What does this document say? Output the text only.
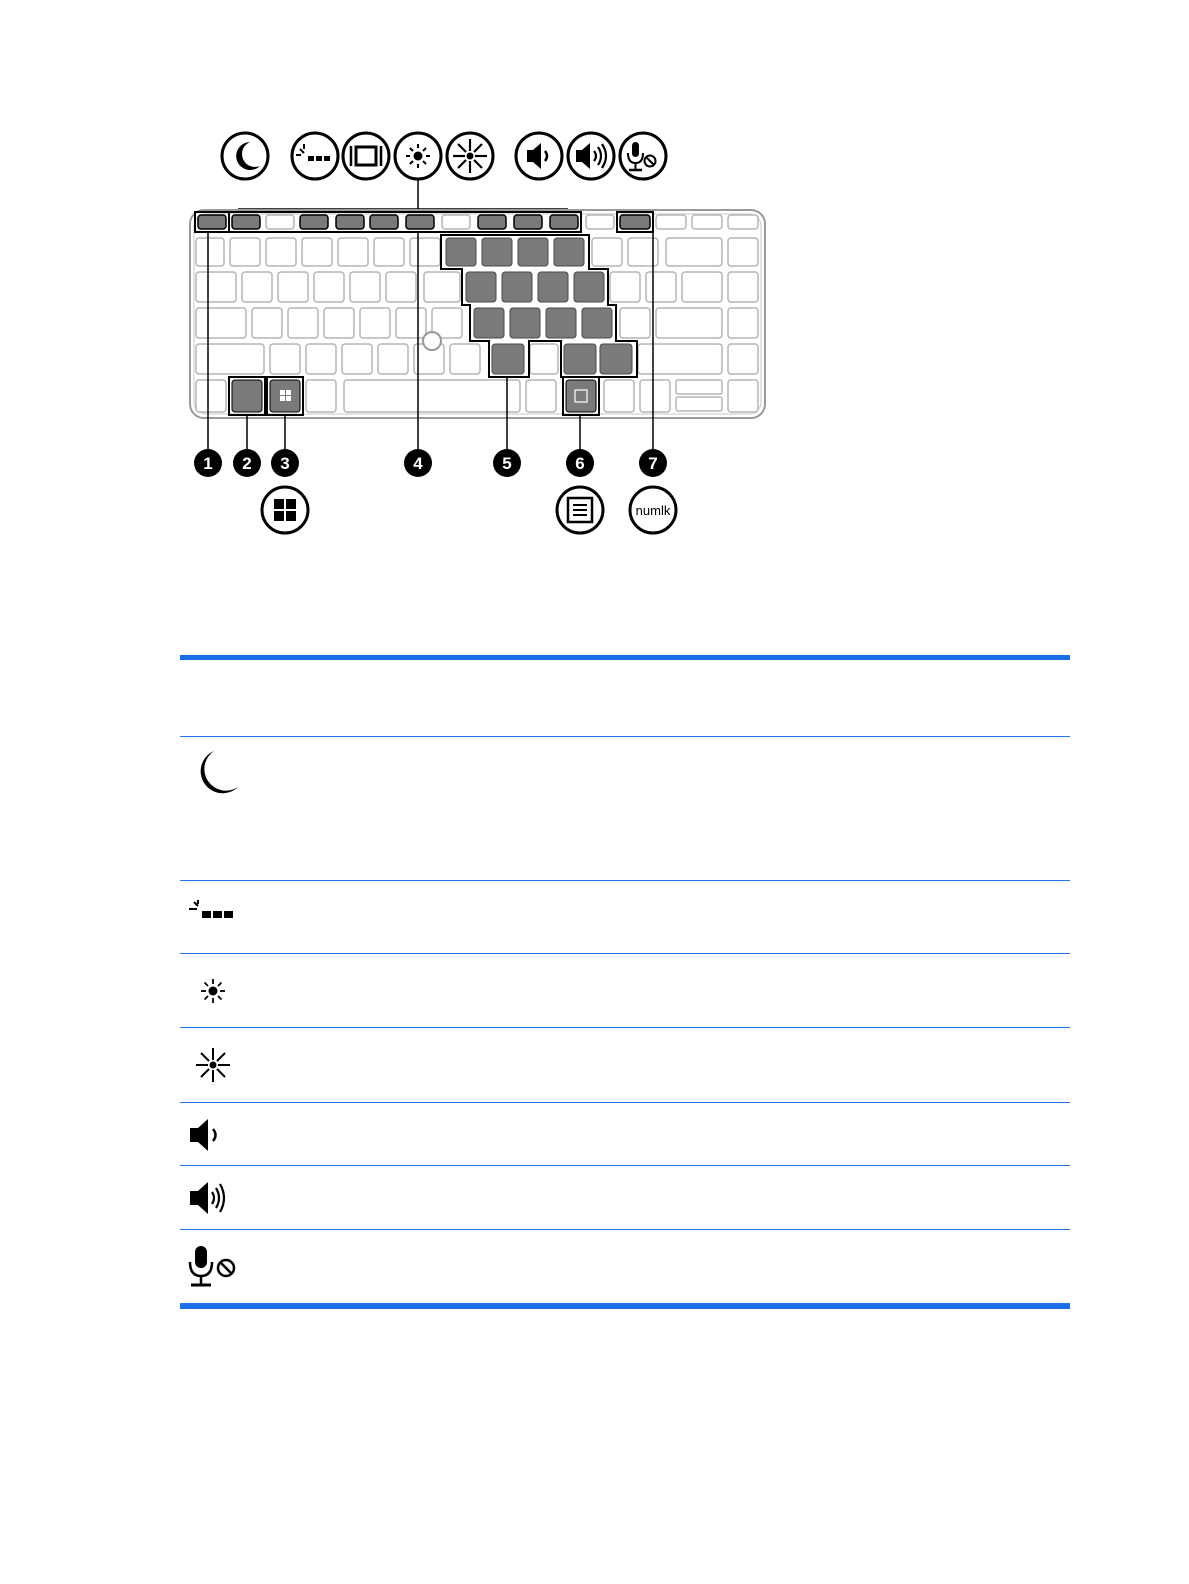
1 2 3	4	5	6	7
numlk
